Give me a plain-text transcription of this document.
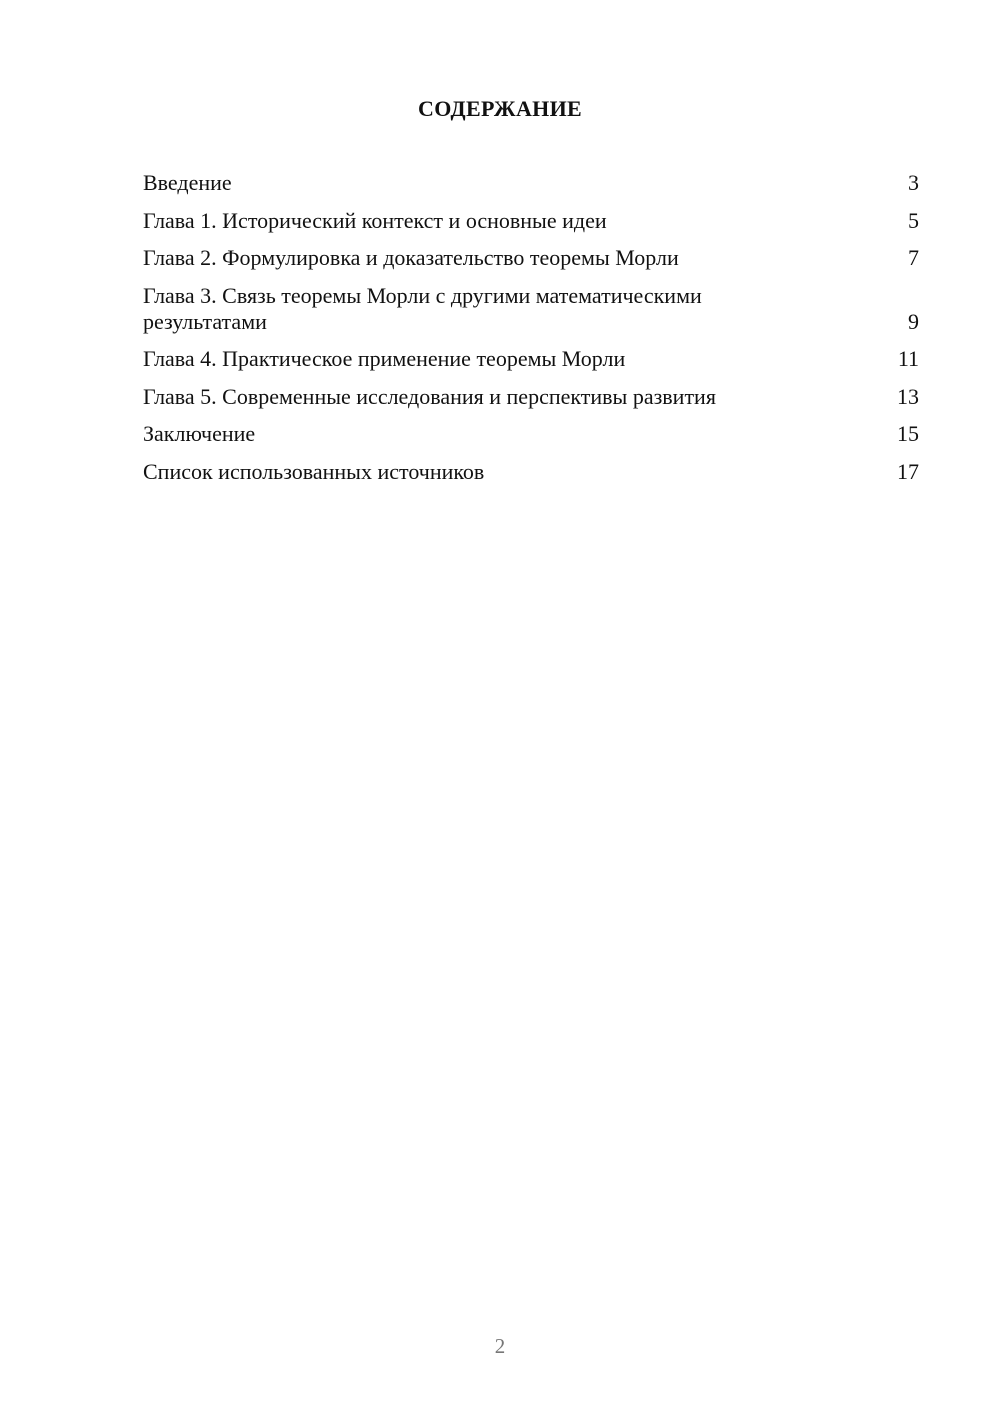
СОДЕРЖАНИЕ
Введение	3
Глава 1. Исторический контекст и основные идеи	5
Глава 2. Формулировка и доказательство теоремы Морли	7
Глава 3. Связь теоремы Морли с другими математическими результатами	9
Глава 4. Практическое применение теоремы Морли	11
Глава 5. Современные исследования и перспективы развития	13
Заключение	15
Список использованных источников	17
2
